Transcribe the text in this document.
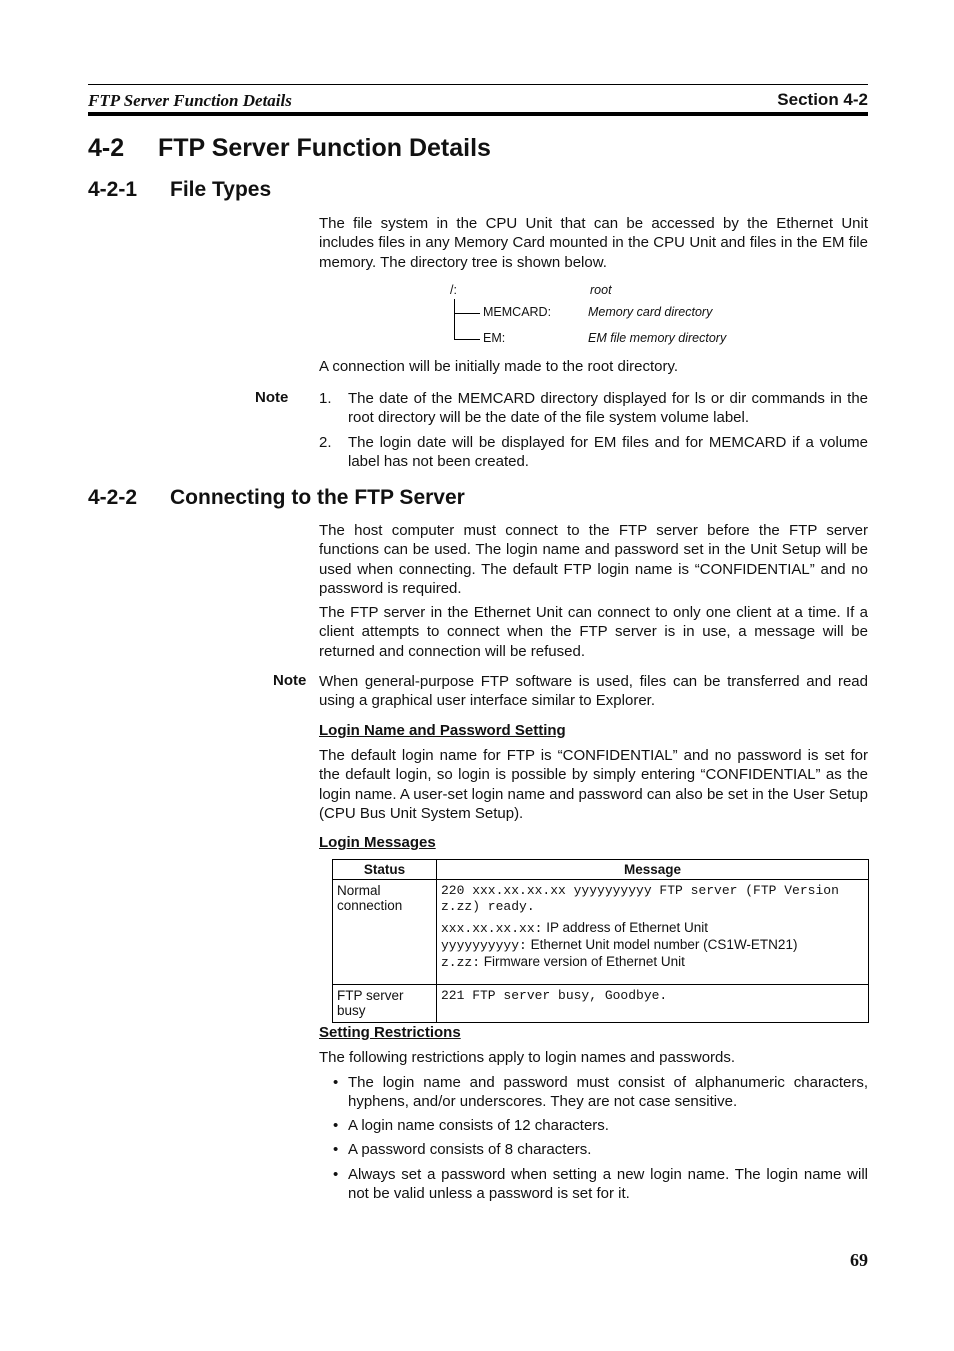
FTP Server Function Details	Section 4-2
4-2 FTP Server Function Details
4-2-1 File Types

The file system in the CPU Unit that can be accessed by the Ethernet Unit includes files in any Memory Card mounted in the CPU Unit and files in the EM file memory. The directory tree is shown below.

/:	root
MEMCARD:	Memory card directory
EM:	EM file memory directory
A connection will be initially made to the root directory.
Note 1. The date of the MEMCARD directory displayed for ls or dir commands in the root directory will be the date of the file system volume label.
2. The login date will be displayed for EM files and for MEMCARD if a volume label has not been created.
4-2-2 Connecting to the FTP Server

The host computer must connect to the FTP server before the FTP server functions can be used. The login name and password set in the Unit Setup will be used when connecting. The default FTP login name is “CONFIDENTIAL” and no password is required.

The FTP server in the Ethernet Unit can connect to only one client at a time. If a client attempts to connect when the FTP server is in use, a message will be returned and connection will be refused.

Note When general-purpose FTP software is used, files can be transferred and read using a graphical user interface similar to Explorer.

Login Name and Password Setting

The default login name for FTP is “CONFIDENTIAL” and no password is set for the default login, so login is possible by simply entering “CONFIDENTIAL” as the login name. A user-set login name and password can also be set in the User Setup (CPU Bus Unit System Setup).

Login Messages
Status	Message
Normal connection	220 xxx.xx.xx.xx yyyyyyyyyy FTP server (FTP Version z.zz) ready.
xxx.xx.xx.xx: IP address of Ethernet Unit
yyyyyyyyyy: Ethernet Unit model number (CS1W-ETN21)
z.zz: Firmware version of Ethernet Unit

FTP server busy	221 FTP server busy, Goodbye.
Setting Restrictions
The following restrictions apply to login names and passwords.
• The login name and password must consist of alphanumeric characters, hyphens, and/or underscores. They are not case sensitive.
• A login name consists of 12 characters.
• A password consists of 8 characters.
• Always set a password when setting a new login name. The login name will not be valid unless a password is set for it.
69
